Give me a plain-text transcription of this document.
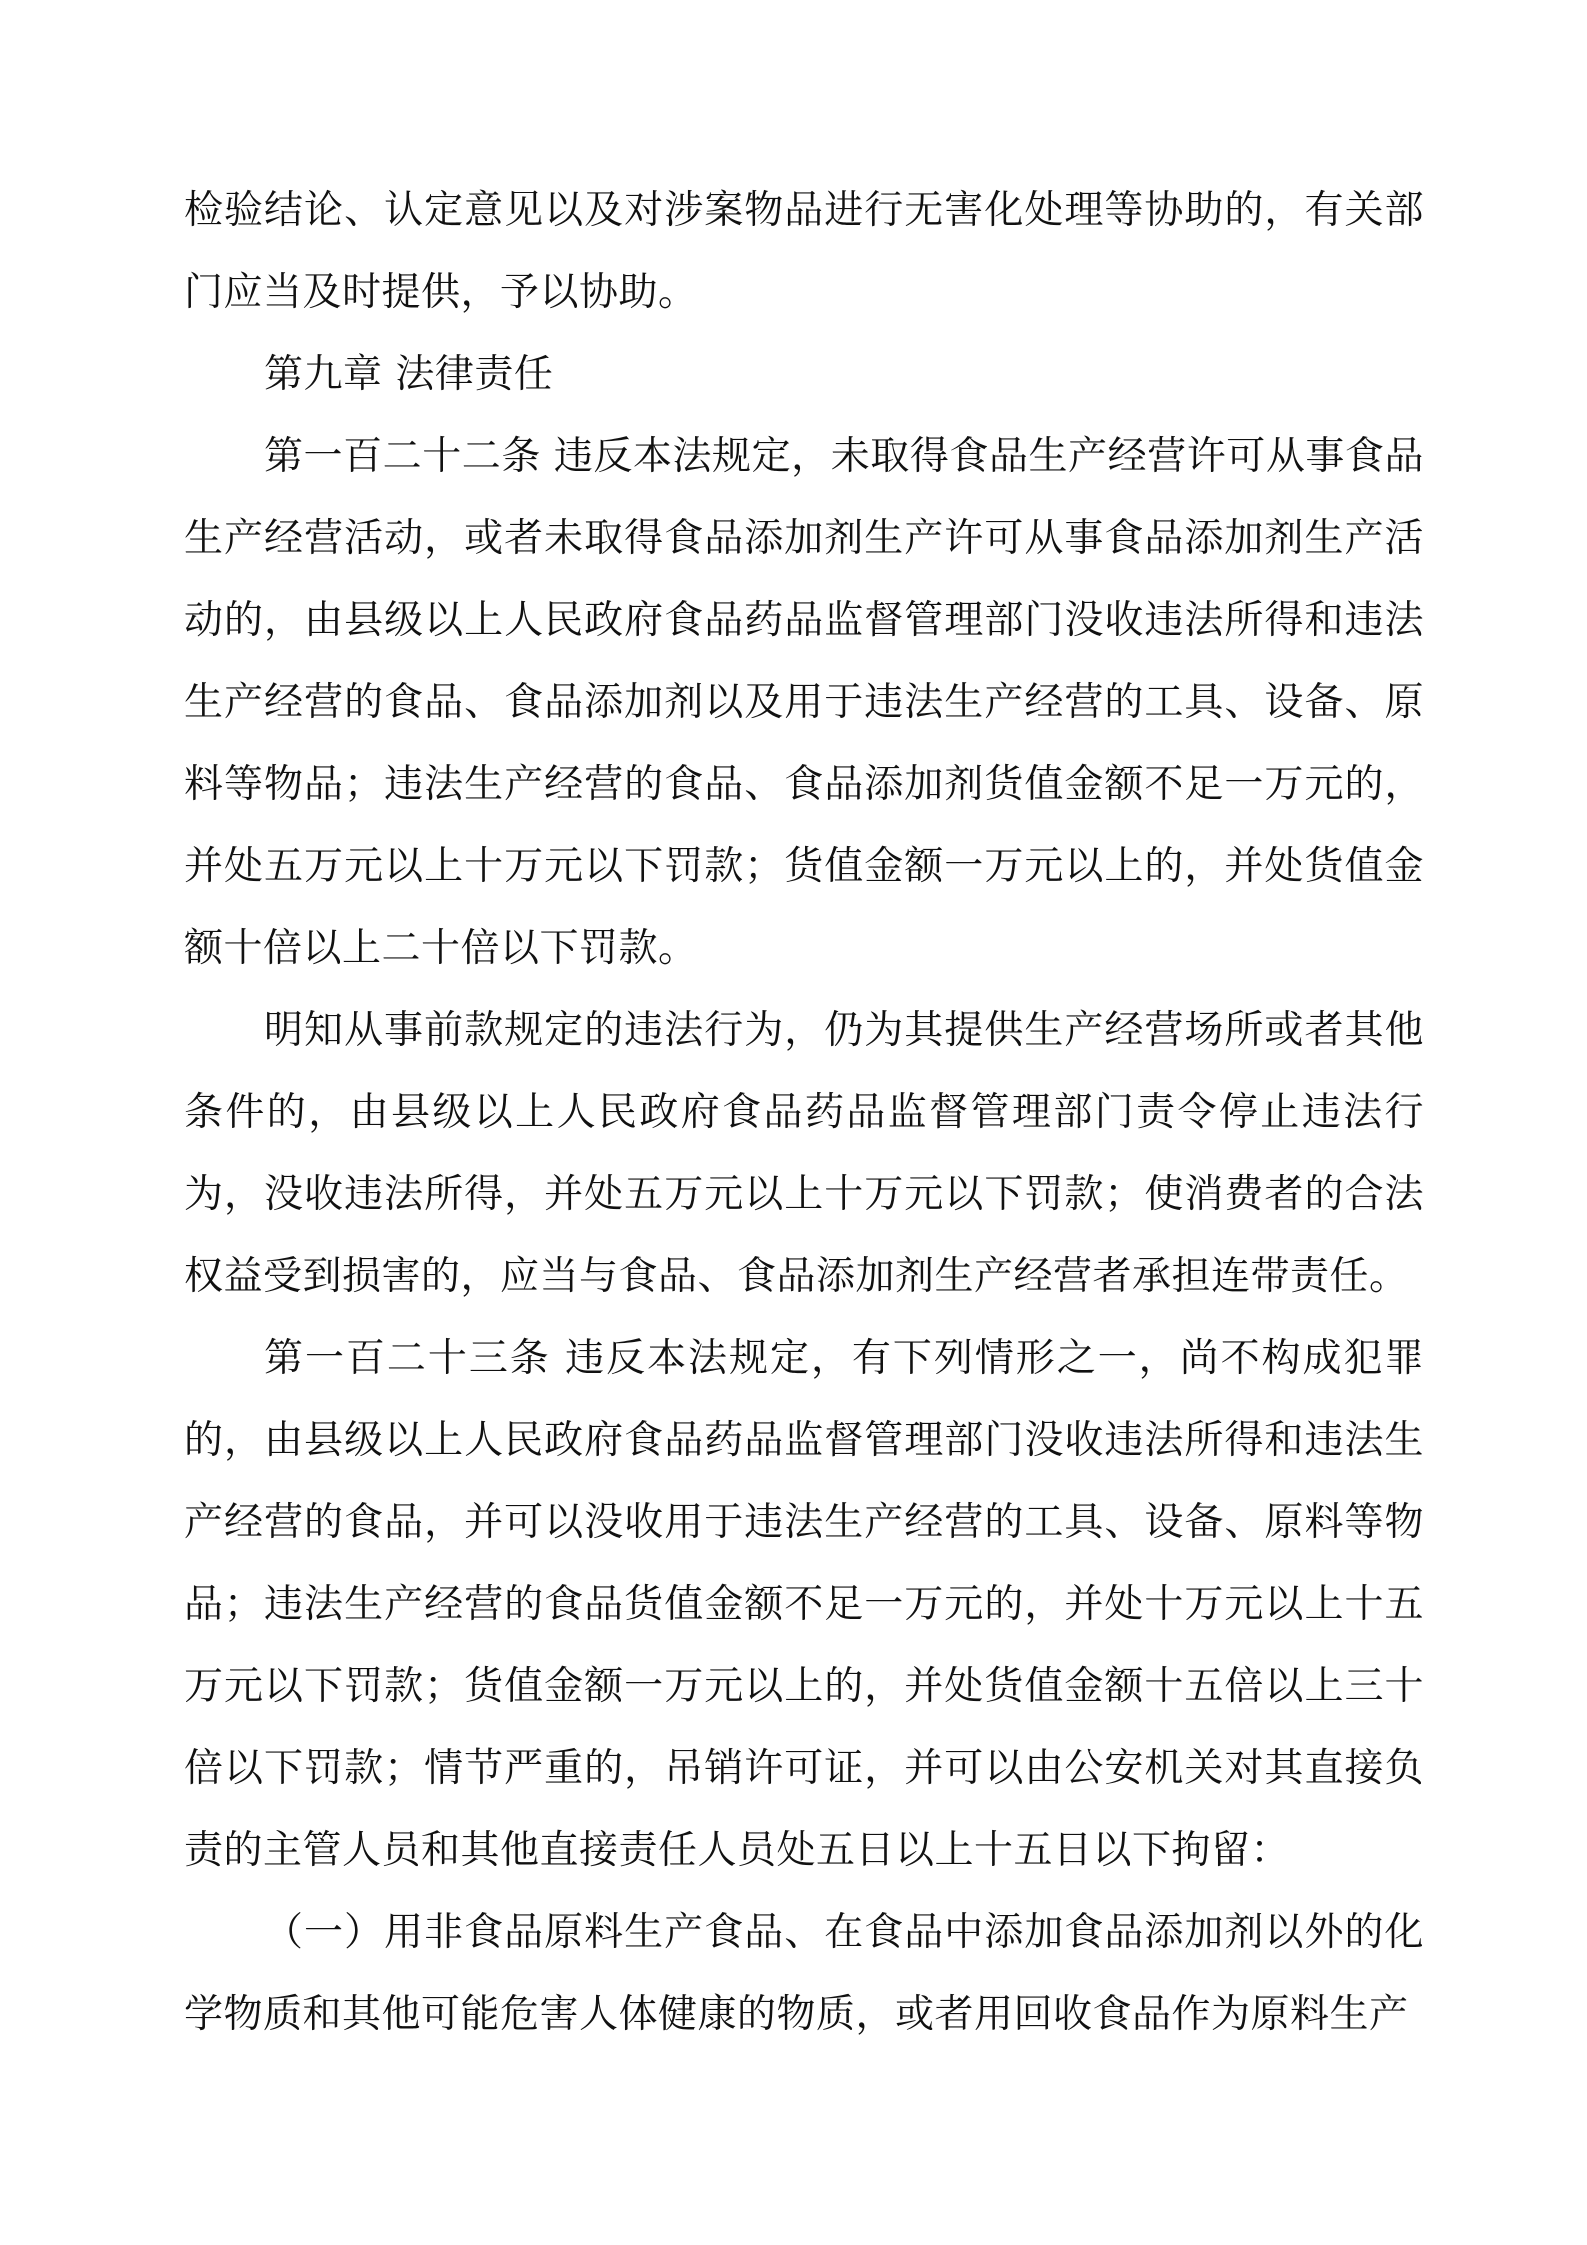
检验结论、认定意见以及对涉案物品进行无害化处理等协助的，有关部门应当及时提供，予以协助。

第九章 法律责任

第一百二十二条 违反本法规定，未取得食品生产经营许可从事食品生产经营活动，或者未取得食品添加剂生产许可从事食品添加剂生产活动的，由县级以上人民政府食品药品监督管理部门没收违法所得和违法生产经营的食品、食品添加剂以及用于违法生产经营的工具、设备、原料等物品；违法生产经营的食品、食品添加剂货值金额不足一万元的，并处五万元以上十万元以下罚款；货值金额一万元以上的，并处货值金额十倍以上二十倍以下罚款。

明知从事前款规定的违法行为，仍为其提供生产经营场所或者其他条件的，由县级以上人民政府食品药品监督管理部门责令停止违法行为，没收违法所得，并处五万元以上十万元以下罚款；使消费者的合法权益受到损害的，应当与食品、食品添加剂生产经营者承担连带责任。

第一百二十三条 违反本法规定，有下列情形之一，尚不构成犯罪的，由县级以上人民政府食品药品监督管理部门没收违法所得和违法生产经营的食品，并可以没收用于违法生产经营的工具、设备、原料等物品；违法生产经营的食品货值金额不足一万元的，并处十万元以上十五万元以下罚款；货值金额一万元以上的，并处货值金额十五倍以上三十倍以下罚款；情节严重的，吊销许可证，并可以由公安机关对其直接负责的主管人员和其他直接责任人员处五日以上十五日以下拘留：

（一）用非食品原料生产食品、在食品中添加食品添加剂以外的化学物质和其他可能危害人体健康的物质，或者用回收食品作为原料生产
